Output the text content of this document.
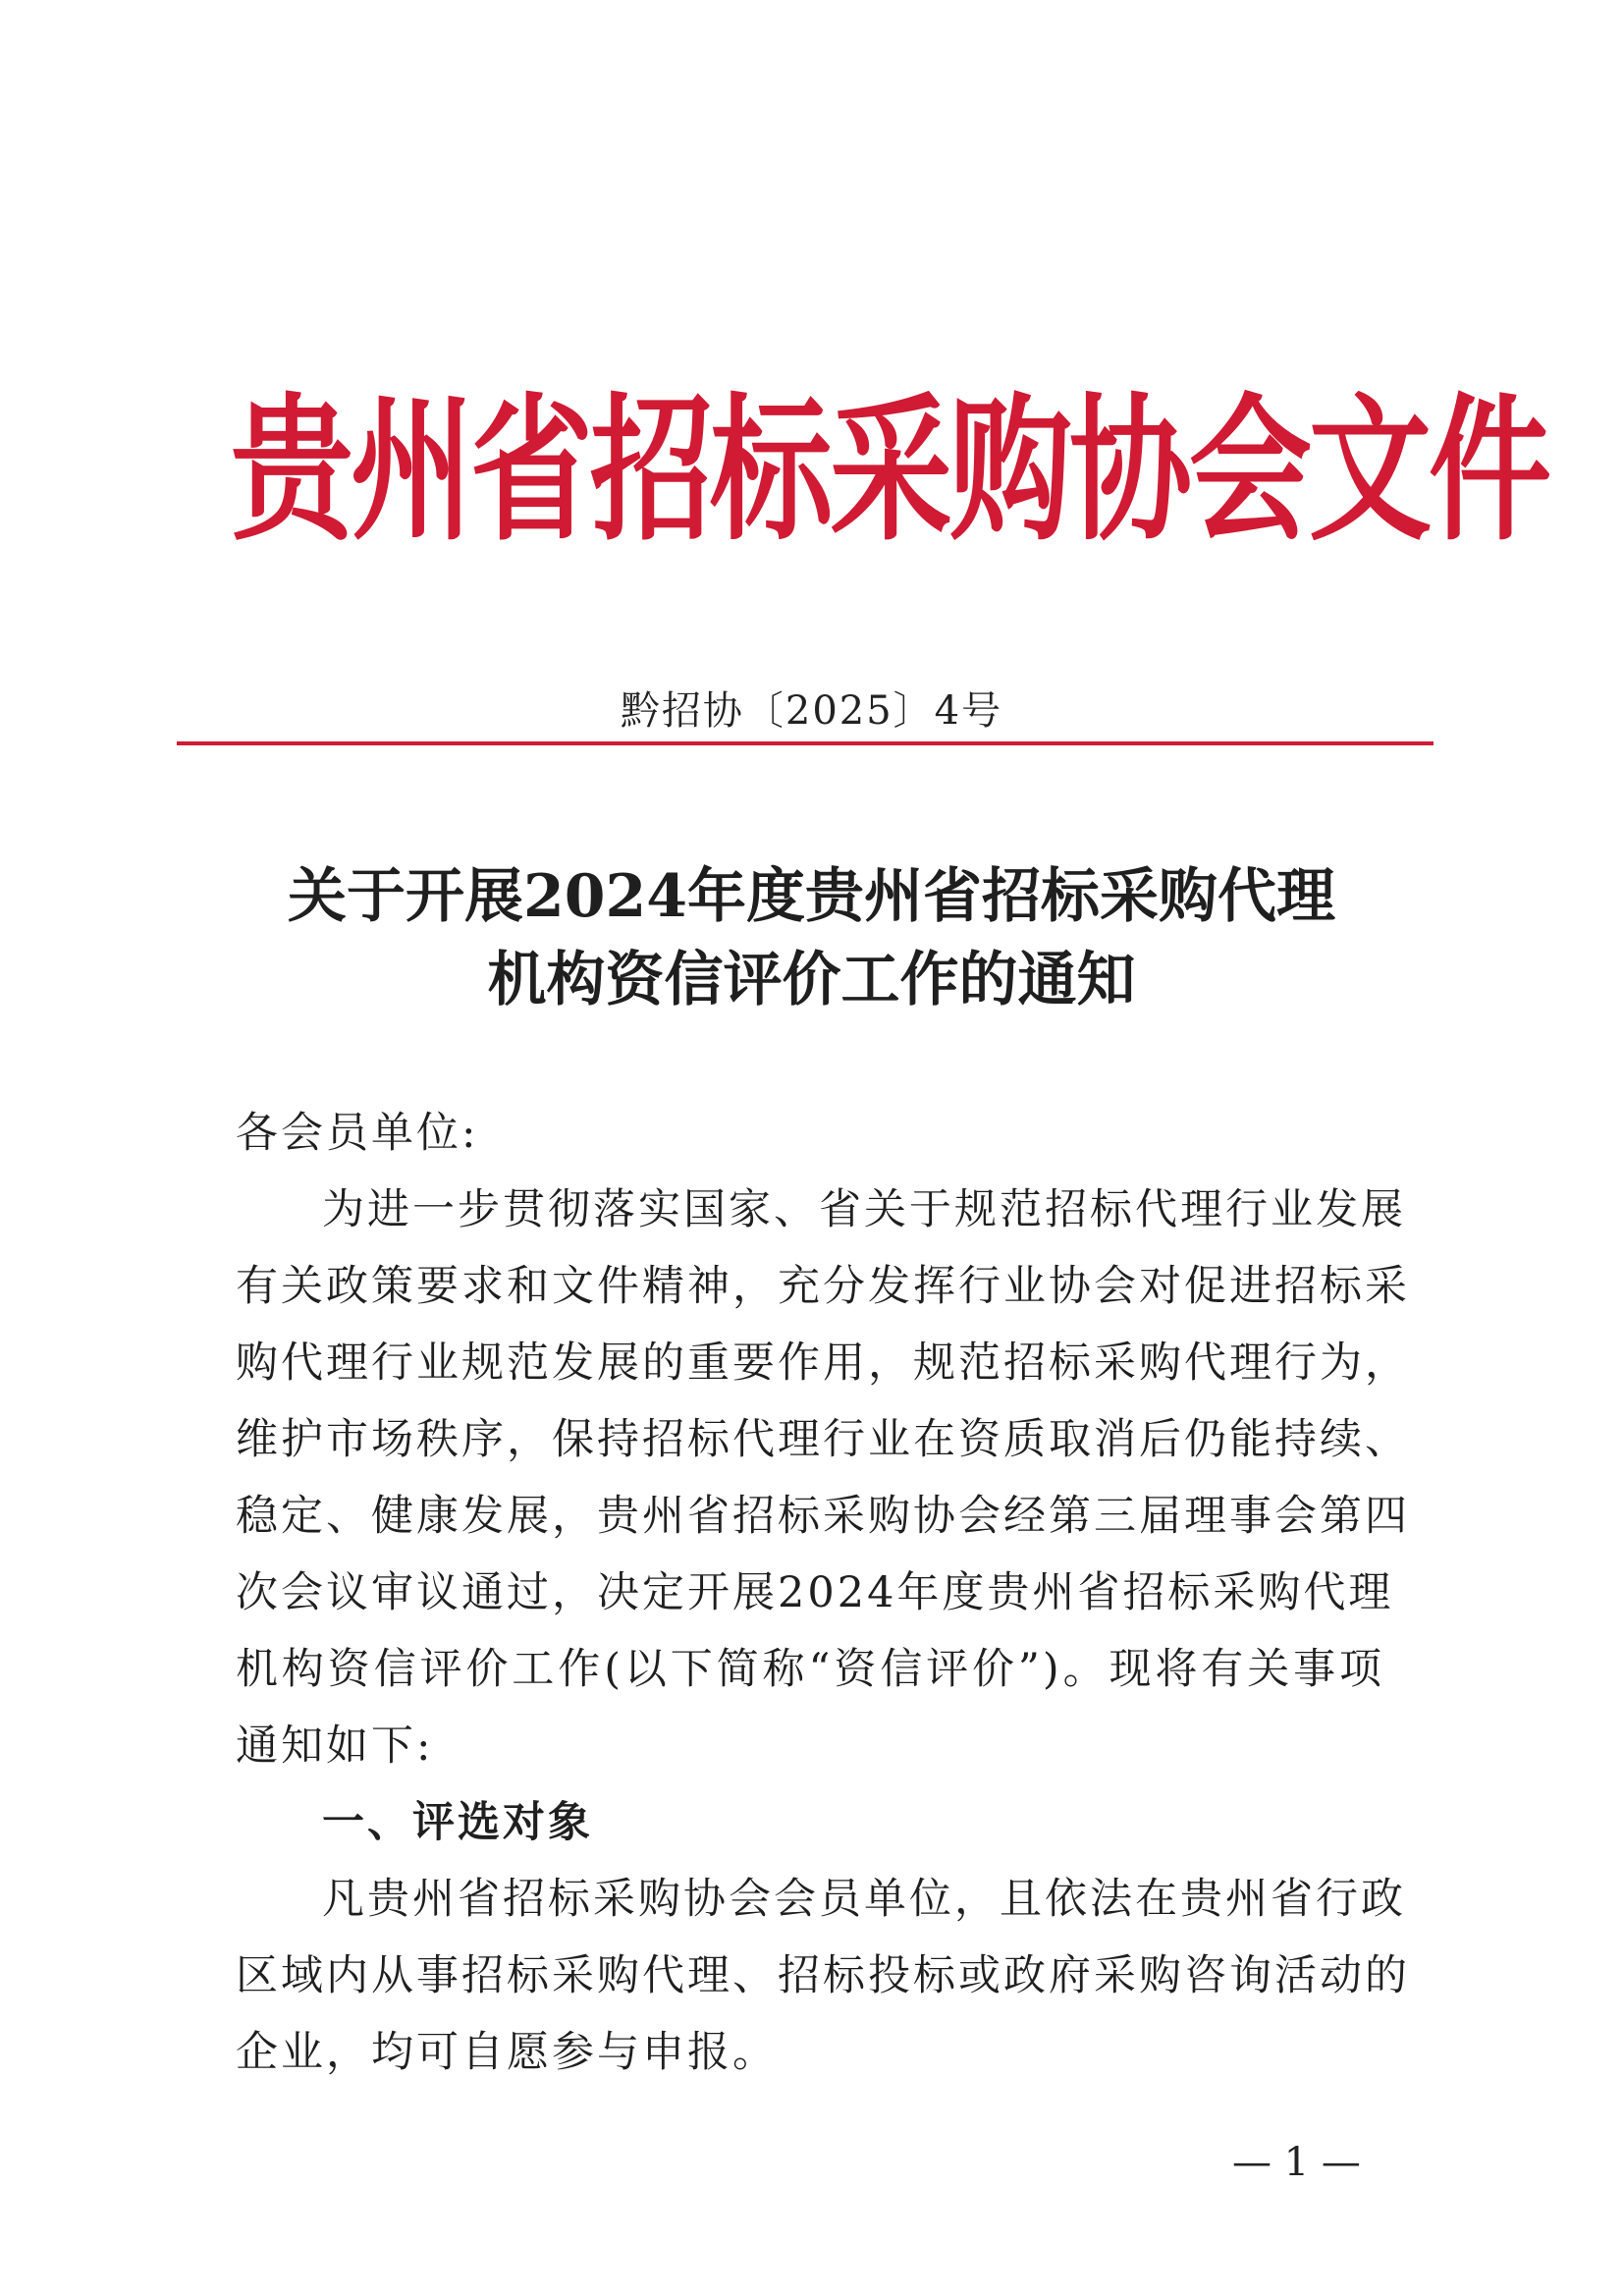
贵州省招标采购协会文件
黔招协〔2025〕4号
关于开展2024年度贵州省招标采购代理
机构资信评价工作的通知
各会员单位:
为进一步贯彻落实国家、省关于规范招标代理行业发展
有关政策要求和文件精神，充分发挥行业协会对促进招标采
购代理行业规范发展的重要作用，规范招标采购代理行为，
维护市场秩序，保持招标代理行业在资质取消后仍能持续、
稳定、健康发展，贵州省招标采购协会经第三届理事会第四
次会议审议通过，决定开展2024年度贵州省招标采购代理
机构资信评价工作(以下简称“资信评价”)。现将有关事项
通知如下:
一、评选对象
凡贵州省招标采购协会会员单位，且依法在贵州省行政
区域内从事招标采购代理、招标投标或政府采购咨询活动的
企业，均可自愿参与申报。
— 1 —
